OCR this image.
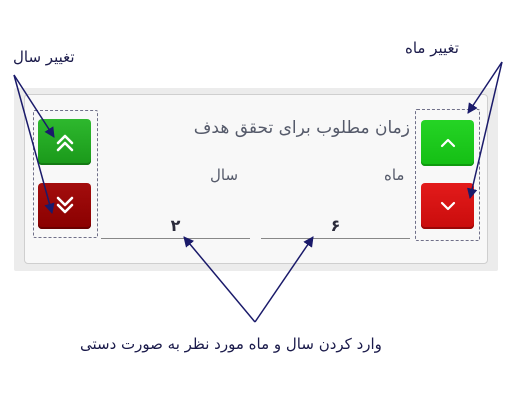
تغییر سال	تغییر ماه
وارد کردن سال و ماه مورد نظر به صورت دستی
زمان مطلوب برای تحقق هدف
سال	ماه
۲
۶
